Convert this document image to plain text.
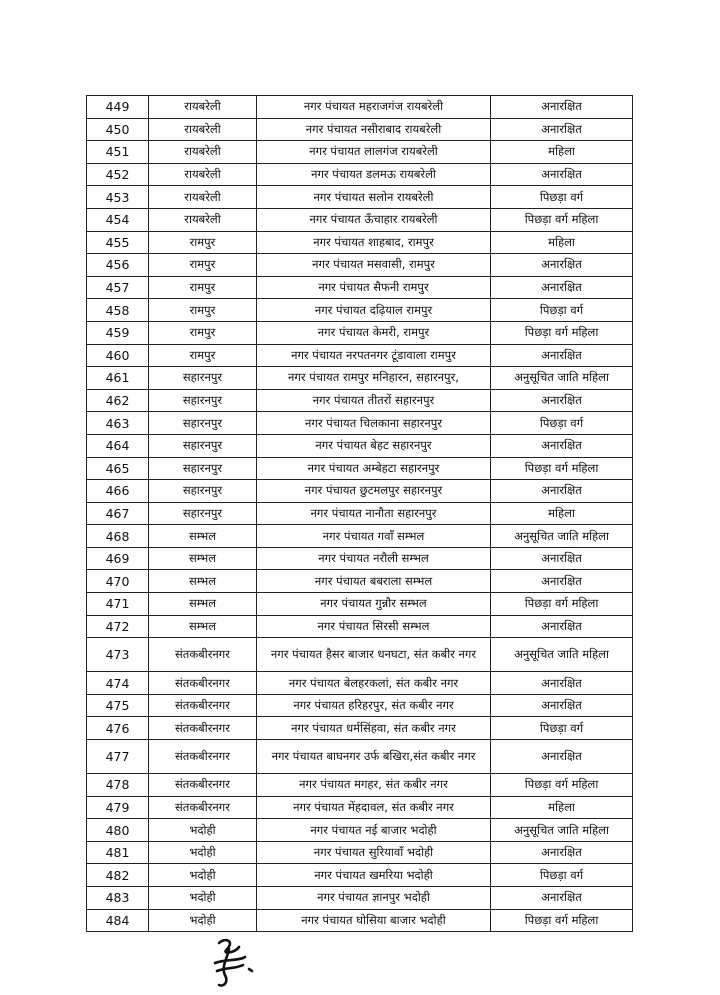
449	रायबरेली	नगर पंचायत महराजगंज रायबरेली	अनारक्षित
450	रायबरेली	नगर पंचायत नसीराबाद रायबरेली	अनारक्षित
451	रायबरेली	नगर पंचायत लालगंज रायबरेली	महिला
452	रायबरेली	नगर पंचायत डलमऊ रायबरेली	अनारक्षित
453	रायबरेली	नगर पंचायत सलोन रायबरेली	पिछड़ा वर्ग
454	रायबरेली	नगर पंचायत ऊँचाहार रायबरेली	पिछड़ा वर्ग महिला
455	रामपुर	नगर पंचायत शाहबाद, रामपुर	महिला
456	रामपुर	नगर पंचायत मसवासी, रामपुर	अनारक्षित
457	रामपुर	नगर पंचायत सैफनी रामपुर	अनारक्षित
458	रामपुर	नगर पंचायत दढ़ियाल रामपुर	पिछड़ा वर्ग
459	रामपुर	नगर पंचायत केमरी, रामपुर	पिछड़ा वर्ग महिला
460	रामपुर	नगर पंचायत नरपतनगर टूंडावाला रामपुर	अनारक्षित
461	सहारनपुर	नगर पंचायत रामपुर मनिहारन, सहारनपुर,	अनुसूचित जाति महिला
462	सहारनपुर	नगर पंचायत तीतरों सहारनपुर	अनारक्षित
463	सहारनपुर	नगर पंचायत चिलकाना सहारनपुर	पिछड़ा वर्ग
464	सहारनपुर	नगर पंचायत बेहट सहारनपुर	अनारक्षित
465	सहारनपुर	नगर पंचायत अम्बेहटा सहारनपुर	पिछड़ा वर्ग महिला
466	सहारनपुर	नगर पंचायत छुटमलपुर सहारनपुर	अनारक्षित
467	सहारनपुर	नगर पंचायत नानौता सहारनपुर	महिला
468	सम्भल	नगर पंचायत गवाँ सम्भल	अनुसूचित जाति महिला
469	सम्भल	नगर पंचायत नरौली सम्भल	अनारक्षित
470	सम्भल	नगर पंचायत बबराला सम्भल	अनारक्षित
471	सम्भल	नगर पंचायत गुन्नौर सम्भल	पिछड़ा वर्ग महिला
472	सम्भल	नगर पंचायत सिरसी सम्भल	अनारक्षित
473	संतकबीरनगर	नगर पंचायत हैसर बाजार धनघटा, संत कबीर नगर	अनुसूचित जाति महिला
474	संतकबीरनगर	नगर पंचायत बेलहरकलां, संत कबीर नगर	अनारक्षित
475	संतकबीरनगर	नगर पंचायत हरिहरपुर, संत कबीर नगर	अनारक्षित
476	संतकबीरनगर	नगर पंचायत धर्मसिंहवा, संत कबीर नगर	पिछड़ा वर्ग
477	संतकबीरनगर	नगर पंचायत बाघनगर उर्फ बखिरा,संत कबीर नगर	अनारक्षित
478	संतकबीरनगर	नगर पंचायत मगहर, संत कबीर नगर	पिछड़ा वर्ग महिला
479	संतकबीरनगर	नगर पंचायत मेंहदावल, संत कबीर नगर	महिला
480	भदोही	नगर पंचायत नई बाजार भदोही	अनुसूचित जाति महिला
481	भदोही	नगर पंचायत सुरियावाँ भदोही	अनारक्षित
482	भदोही	नगर पंचायत खमरिया भदोही	पिछड़ा वर्ग
483	भदोही	नगर पंचायत ज्ञानपुर भदोही	अनारक्षित
484	भदोही	नगर पंचायत घोसिया बाजार भदोही	पिछड़ा वर्ग महिला
